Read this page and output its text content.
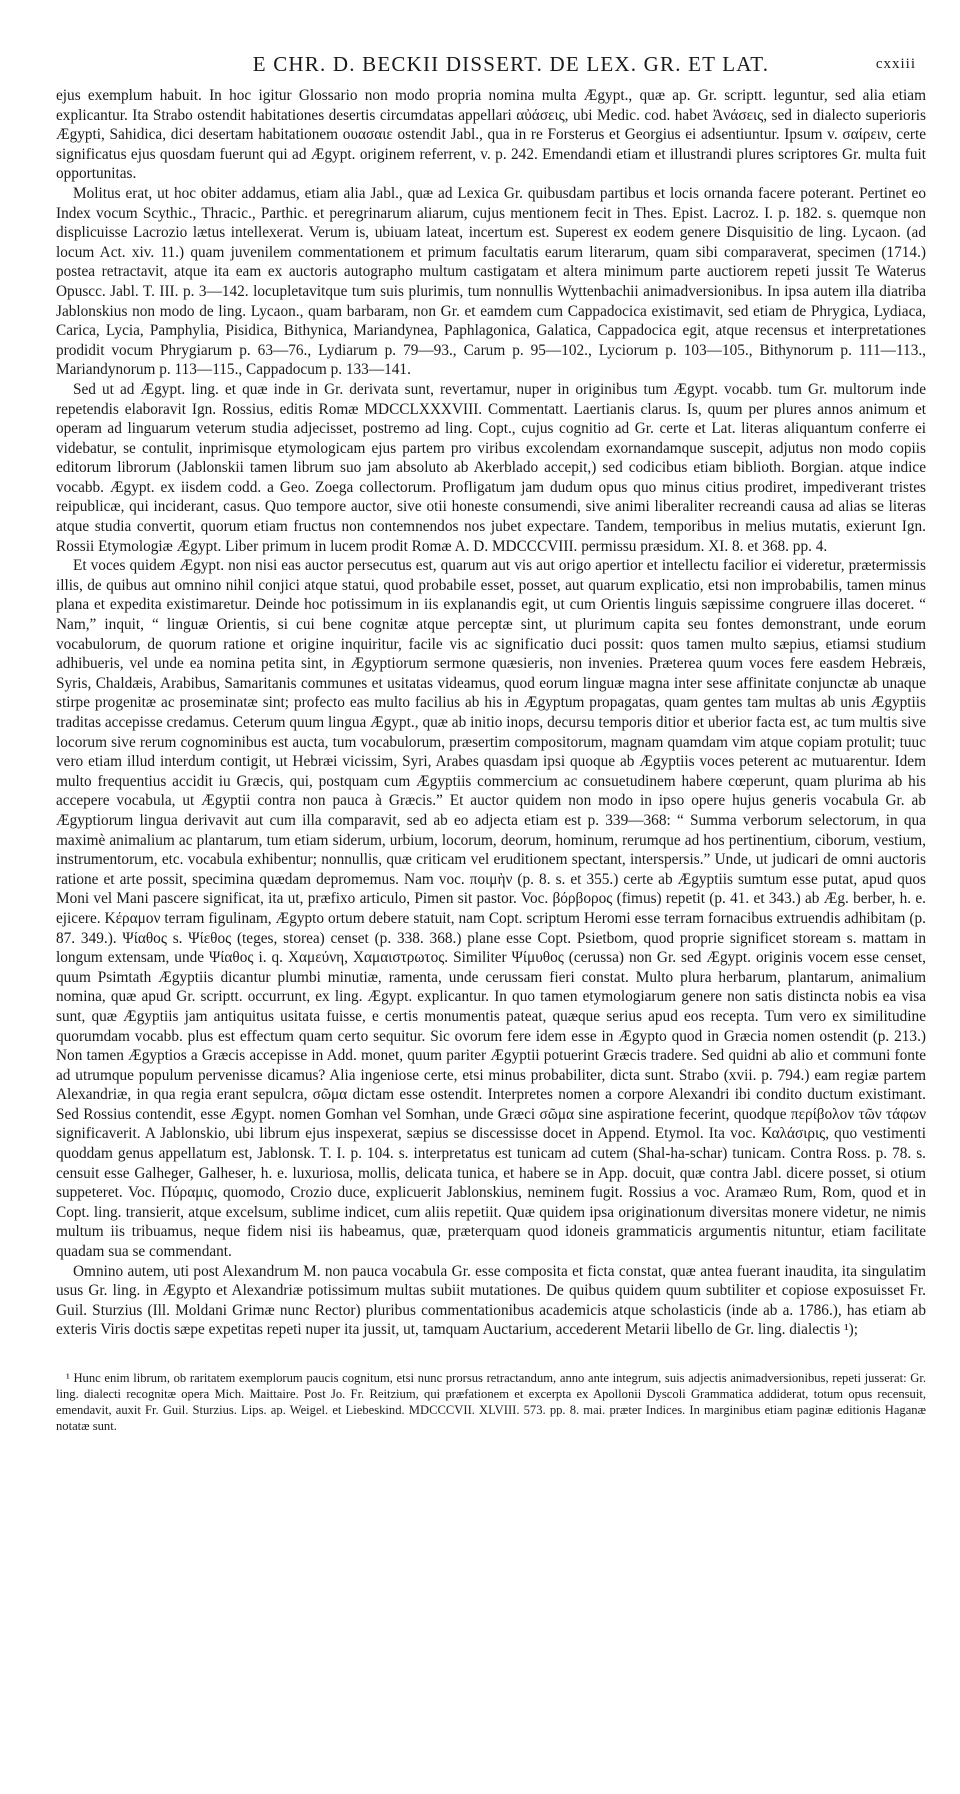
E CHR. D. BECKII DISSERT. DE LEX. GR. ET LAT.	cxxiii

ejus exemplum habuit. In hoc igitur Glossario non modo propria nomina multa Ægypt., quæ ap. Gr. scriptt. leguntur, sed alia etiam explicantur. Ita Strabo ostendit habitationes desertis circumdatas appellari αὐάσεις, ubi Medic. cod. habet Ἀνάσεις, sed in dialecto superioris Ægypti, Sahidica, dici desertam habitationem ουασαιε ostendit Jabl., qua in re Forsterus et Georgius ei adsentiuntur. Ipsum v. σαίρειν, certe significatus ejus quosdam fuerunt qui ad Ægypt. originem referrent, v. p. 242. Emendandi etiam et illustrandi plures scriptores Gr. multa fuit opportunitas.

Molitus erat, ut hoc obiter addamus, etiam alia Jabl., quæ ad Lexica Gr. quibusdam partibus et locis ornanda facere poterant. Pertinet eo Index vocum Scythic., Thracic., Parthic. et peregrinarum aliarum, cujus mentionem fecit in Thes. Epist. Lacroz. I. p. 182. s. quemque non displicuisse Lacrozio lætus intellexerat. Verum is, ubiuam lateat, incertum est. Superest ex eodem genere Disquisitio de ling. Lycaon. (ad locum Act. xiv. 11.) quam juvenilem commentationem et primum facultatis earum literarum, quam sibi comparaverat, specimen (1714.) postea retractavit, atque ita eam ex auctoris autographo multum castigatam et altera minimum parte auctiorem repeti jussit Te Waterus Opuscc. Jabl. T. III. p. 3—142. locupletavitque tum suis plurimis, tum nonnullis Wyttenbachii animadversionibus. In ipsa autem illa diatriba Jablonskius non modo de ling. Lycaon., quam barbaram, non Gr. et eamdem cum Cappadocica existimavit, sed etiam de Phrygica, Lydiaca, Carica, Lycia, Pamphylia, Pisidica, Bithynica, Mariandynea, Paphlagonica, Galatica, Cappadocica egit, atque recensus et interpretationes prodidit vocum Phrygiarum p. 63—76., Lydiarum p. 79—93., Carum p. 95—102., Lyciorum p. 103—105., Bithynorum p. 111—113., Mariandynorum p. 113—115., Cappadocum p. 133—141.

Sed ut ad Ægypt. ling. et quæ inde in Gr. derivata sunt, revertamur, nuper in originibus tum Ægypt. vocabb. tum Gr. multorum inde repetendis elaboravit Ign. Rossius, editis Romæ MDCCLXXXVIII. Commentatt. Laertianis clarus. Is, quum per plures annos animum et operam ad linguarum veterum studia adjecisset, postremo ad ling. Copt., cujus cognitio ad Gr. certe et Lat. literas aliquantum conferre ei videbatur, se contulit, inprimisque etymologicam ejus partem pro viribus excolendam exornandamque suscepit, adjutus non modo copiis editorum librorum (Jablonskii tamen librum suo jam absoluto ab Akerblado accepit,) sed codicibus etiam biblioth. Borgian. atque indice vocabb. Ægypt. ex iisdem codd. a Geo. Zoega collectorum. Profligatum jam dudum opus quo minus citius prodiret, impediverant tristes reipublicæ, qui inciderant, casus. Quo tempore auctor, sive otii honeste consumendi, sive animi liberaliter recreandi causa ad alias se literas atque studia convertit, quorum etiam fructus non contemnendos nos jubet expectare. Tandem, temporibus in melius mutatis, exierunt Ign. Rossii Etymologiæ Ægypt. Liber primum in lucem prodit Romæ A. D. MDCCCVIII. permissu præsidum. XI. 8. et 368. pp. 4.

Et voces quidem Ægypt. non nisi eas auctor persecutus est, quarum aut vis aut origo apertior et intellectu facilior ei videretur, prætermissis illis, de quibus aut omnino nihil conjici atque statui, quod probabile esset, posset, aut quarum explicatio, etsi non improbabilis, tamen minus plana et expedita existimaretur. Deinde hoc potissimum in iis explanandis egit, ut cum Orientis linguis sæpissime congruere illas doceret. “ Nam,” inquit, “ linguæ Orientis, si cui bene cognitæ atque perceptæ sint, ut plurimum capita seu fontes demonstrant, unde eorum vocabulorum, de quorum ratione et origine inquiritur, facile vis ac significatio duci possit: quos tamen multo sæpius, etiamsi studium adhibueris, vel unde ea nomina petita sint, in Ægyptiorum sermone quæsieris, non invenies. Præterea quum voces fere easdem Hebræis, Syris, Chaldæis, Arabibus, Samaritanis communes et usitatas videamus, quod eorum linguæ magna inter sese affinitate conjunctæ ab unaque stirpe progenitæ ac proseminatæ sint; profecto eas multo facilius ab his in Ægyptum propagatas, quam gentes tam multas ab unis Ægyptiis traditas accepisse credamus. Ceterum quum lingua Ægypt., quæ ab initio inops, decursu temporis ditior et uberior facta est, ac tum multis sive locorum sive rerum cognominibus est aucta, tum vocabulorum, præsertim compositorum, magnam quamdam vim atque copiam protulit; tuuc vero etiam illud interdum contigit, ut Hebræi vicissim, Syri, Arabes quasdam ipsi quoque ab Ægyptiis voces peterent ac mutuarentur. Idem multo frequentius accidit iu Græcis, qui, postquam cum Ægyptiis commercium ac consuetudinem habere cœperunt, quam plurima ab his accepere vocabula, ut Ægyptii contra non pauca à Græcis.” Et auctor quidem non modo in ipso opere hujus generis vocabula Gr. ab Ægyptiorum lingua derivavit aut cum illa comparavit, sed ab eo adjecta etiam est p. 339—368: “ Summa verborum selectorum, in qua maximè animalium ac plantarum, tum etiam siderum, urbium, locorum, deorum, hominum, rerumque ad hos pertinentium, ciborum, vestium, instrumentorum, etc. vocabula exhibentur; nonnullis, quæ criticam vel eruditionem spectant, interspersis.” Unde, ut judicari de omni auctoris ratione et arte possit, specimina quædam depromemus. Nam voc. ποιμὴν (p. 8. s. et 355.) certe ab Ægyptiis sumtum esse putat, apud quos Moni vel Mani pascere significat, ita ut, præfixo articulo, Pimen sit pastor. Voc. βόρβορος (fimus) repetit (p. 41. et 343.) ab Æg. berber, h. e. ejicere. Κέραμον terram figulinam, Ægypto ortum debere statuit, nam Copt. scriptum Heromi esse terram fornacibus extruendis adhibitam (p. 87. 349.). Ψίαθος s. Ψίεθος (teges, storea) censet (p. 338. 368.) plane esse Copt. Psietbom, quod proprie significet stoream s. mattam in longum extensam, unde Ψίαθος i. q. Χαμεύνη, Χαμαιστρωτος. Similiter Ψίμυθος (cerussa) non Gr. sed Ægypt. originis vocem esse censet, quum Psimtath Ægyptiis dicantur plumbi minutiæ, ramenta, unde cerussam fieri constat. Multo plura herbarum, plantarum, animalium nomina, quæ apud Gr. scriptt. occurrunt, ex ling. Ægypt. explicantur. In quo tamen etymologiarum genere non satis distincta nobis ea visa sunt, quæ Ægyptiis jam antiquitus usitata fuisse, e certis monumentis pateat, quæque serius apud eos recepta. Tum vero ex similitudine quorumdam vocabb. plus est effectum quam certo sequitur. Sic ovorum fere idem esse in Ægypto quod in Græcia nomen ostendit (p. 213.) Non tamen Ægyptios a Græcis accepisse in Add. monet, quum pariter Ægyptii potuerint Græcis tradere. Sed quidni ab alio et communi fonte ad utrumque populum pervenisse dicamus? Alia ingeniose certe, etsi minus probabiliter, dicta sunt. Strabo (xvii. p. 794.) eam regiæ partem Alexandriæ, in qua regia erant sepulcra, σῶμα dictam esse ostendit. Interpretes nomen a corpore Alexandri ibi condito ductum existimant. Sed Rossius contendit, esse Ægypt. nomen Gomhan vel Somhan, unde Græci σῶμα sine aspiratione fecerint, quodque περίβολον τῶν τάφων significaverit. A Jablonskio, ubi librum ejus inspexerat, sæpius se discessisse docet in Append. Etymol. Ita voc. Καλάσιρις, quo vestimenti quoddam genus appellatum est, Jablonsk. T. I. p. 104. s. interpretatus est tunicam ad cutem (Shal-ha-schar) tunicam. Contra Ross. p. 78. s. censuit esse Galheger, Galheser, h. e. luxuriosa, mollis, delicata tunica, et habere se in App. docuit, quæ contra Jabl. dicere posset, si otium suppeteret. Voc. Πύραμις, quomodo, Crozio duce, explicuerit Jablonskius, neminem fugit. Rossius a voc. Aramæo Rum, Rom, quod et in Copt. ling. transierit, atque excelsum, sublime indicet, cum aliis repetiit. Quæ quidem ipsa originationum diversitas monere videtur, ne nimis multum iis tribuamus, neque fidem nisi iis habeamus, quæ, præterquam quod idoneis grammaticis argumentis nituntur, etiam facilitate quadam sua se commendant.

Omnino autem, uti post Alexandrum M. non pauca vocabula Gr. esse composita et ficta constat, quæ antea fuerant inaudita, ita singulatim usus Gr. ling. in Ægypto et Alexandriæ potissimum multas subiit mutationes. De quibus quidem quum subtiliter et copiose exposuisset Fr. Guil. Sturzius (Ill. Moldani Grimæ nunc Rector) pluribus commentationibus academicis atque scholasticis (inde ab a. 1786.), has etiam ab exteris Viris doctis sæpe expetitas repeti nuper ita jussit, ut, tamquam Auctarium, accederent Metarii libello de Gr. ling. dialectis ¹);

¹ Hunc enim librum, ob raritatem exemplorum paucis cognitum, etsi nunc prorsus retractandum, anno ante integrum, suis adjectis animadversionibus, repeti jusserat: Gr. ling. dialecti recognitæ opera Mich. Maittaire. Post Jo. Fr. Reitzium, qui præfationem et excerpta ex Apollonii Dyscoli Grammatica addiderat, totum opus recensuit, emendavit, auxit Fr. Guil. Sturzius. Lips. ap. Weigel. et Liebeskind. MDCCCVII. XLVIII. 573. pp. 8. mai. præter Indices. In marginibus etiam paginæ editionis Haganæ notatæ sunt.
